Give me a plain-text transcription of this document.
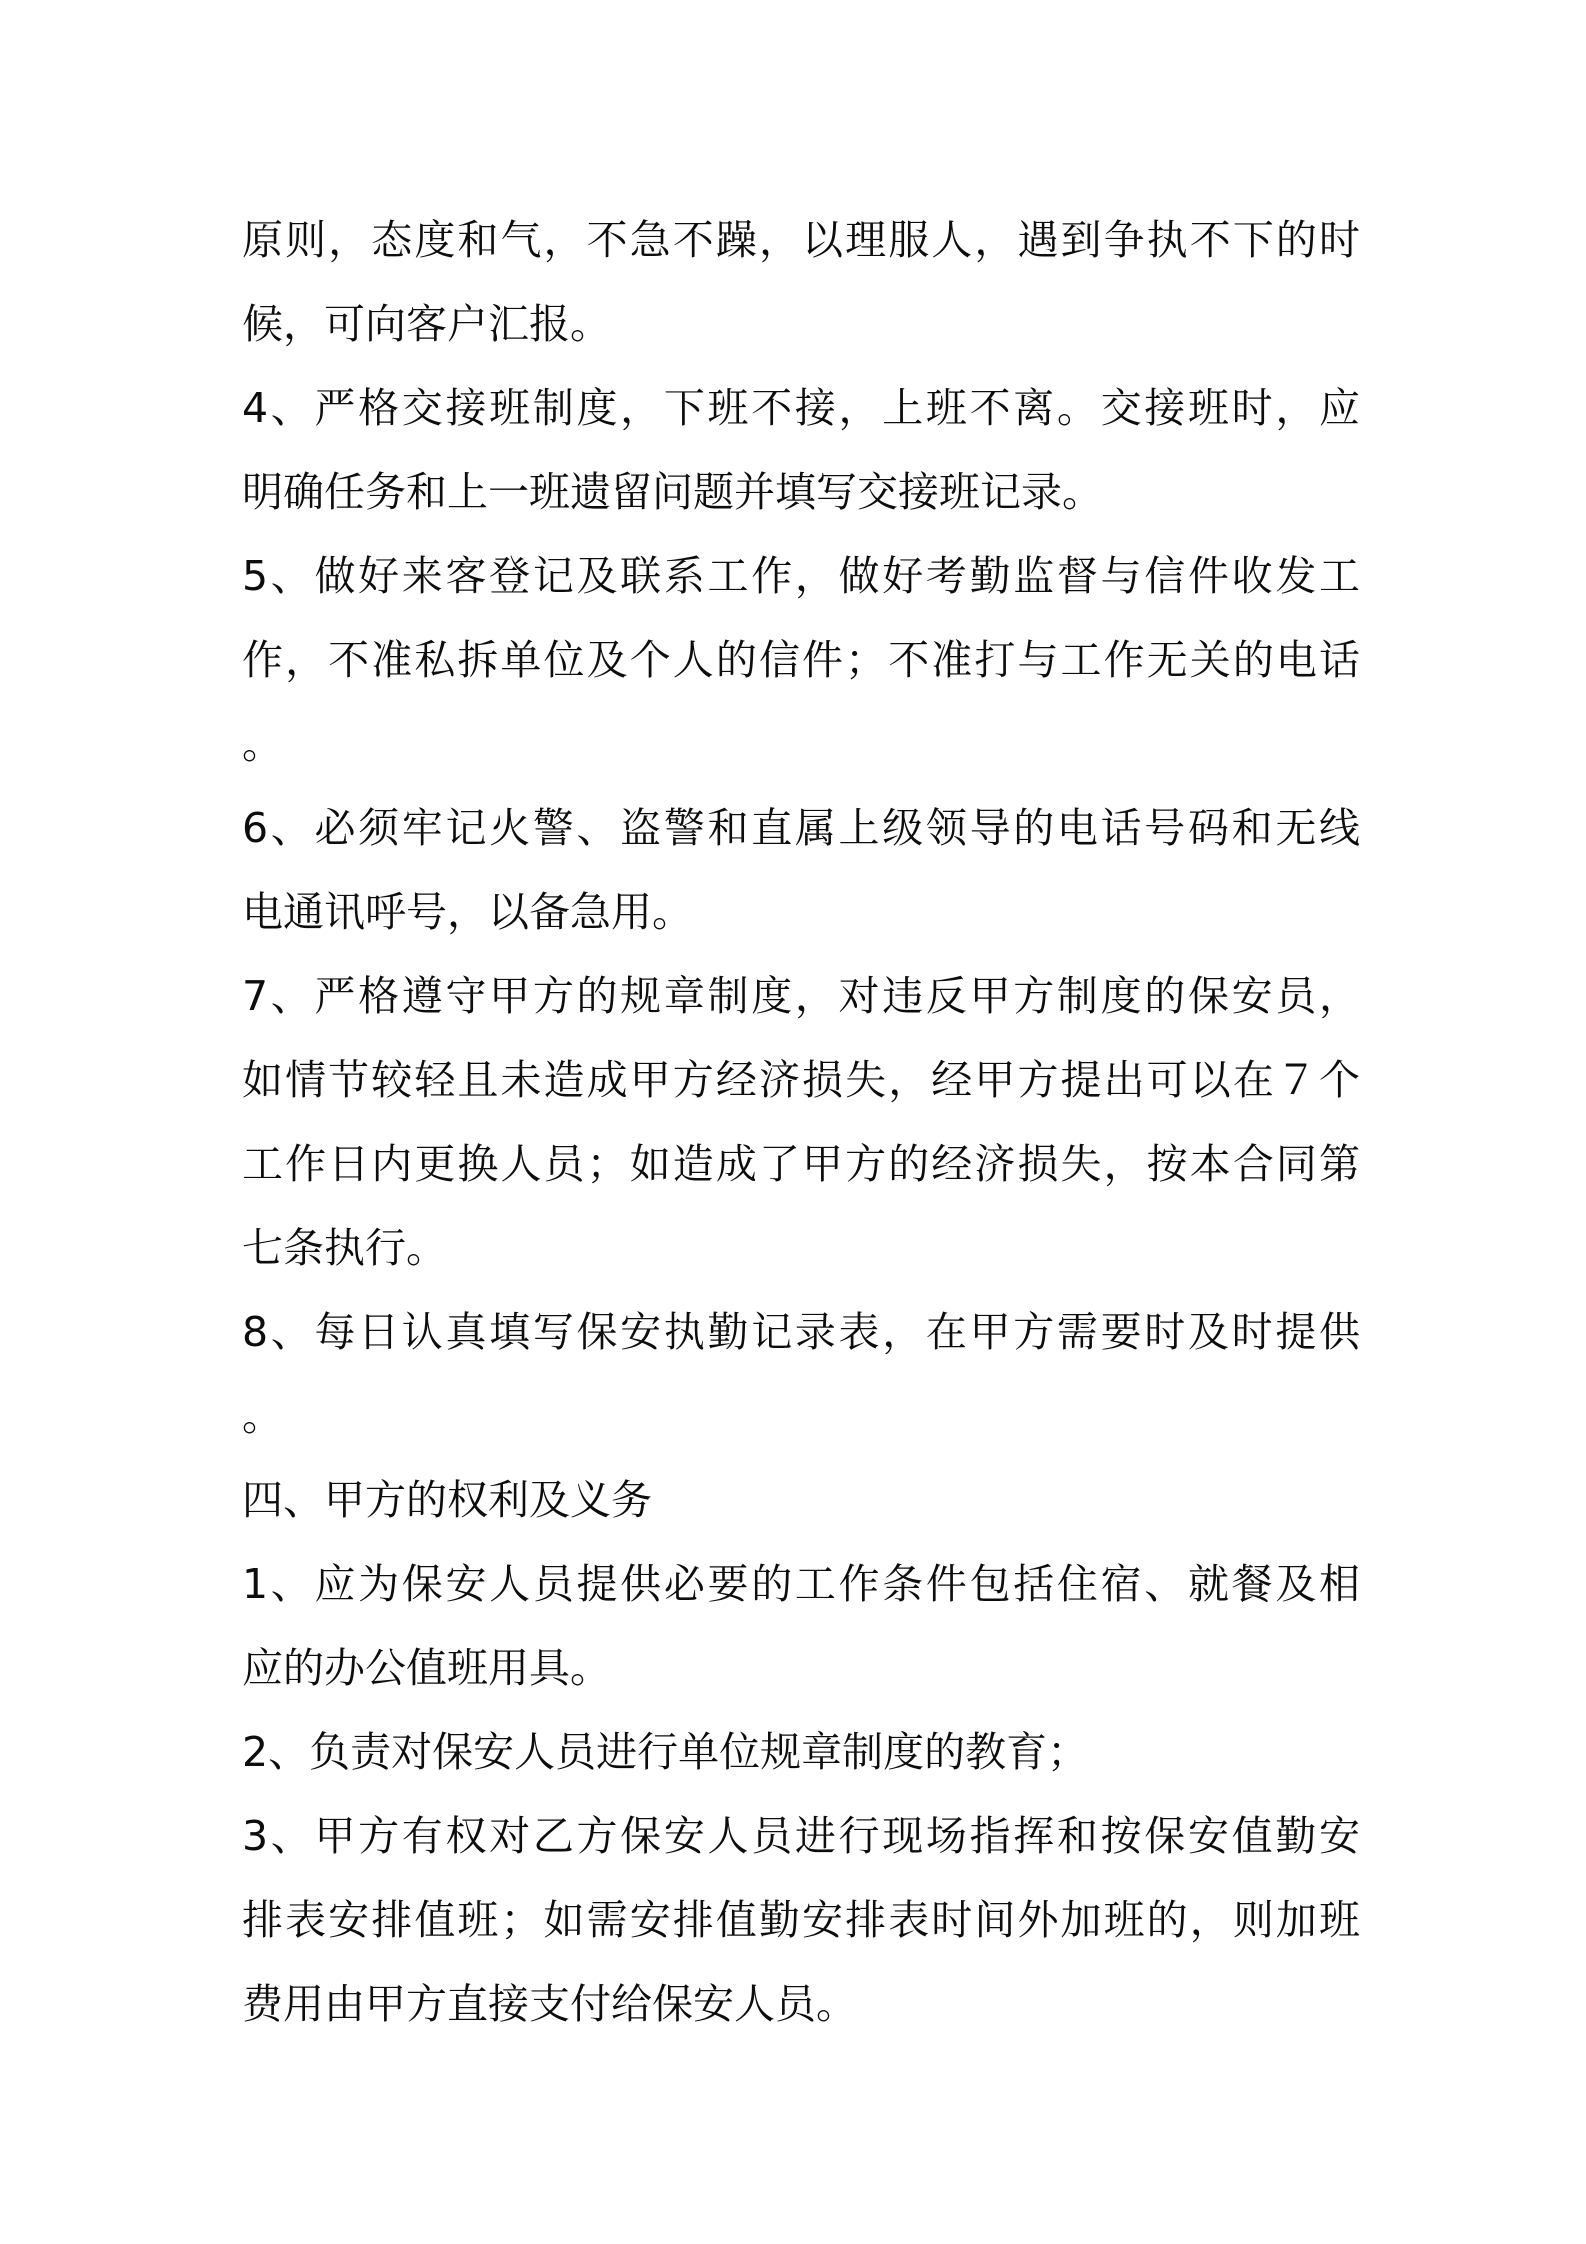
原则，态度和气，不急不躁，以理服人，遇到争执不下的时
候，可向客户汇报。
4、严格交接班制度，下班不接，上班不离。交接班时，应
明确任务和上一班遗留问题并填写交接班记录。
5、做好来客登记及联系工作，做好考勤监督与信件收发工
作，不准私拆单位及个人的信件；不准打与工作无关的电话
。
6、必须牢记火警、盗警和直属上级领导的电话号码和无线
电通讯呼号，以备急用。
7、严格遵守甲方的规章制度，对违反甲方制度的保安员，
如情节较轻且未造成甲方经济损失，经甲方提出可以在７个
工作日内更换人员；如造成了甲方的经济损失，按本合同第
七条执行。
8、每日认真填写保安执勤记录表，在甲方需要时及时提供
。
四、甲方的权利及义务
1、应为保安人员提供必要的工作条件包括住宿、就餐及相
应的办公值班用具。
2、负责对保安人员进行单位规章制度的教育；
3、甲方有权对乙方保安人员进行现场指挥和按保安值勤安
排表安排值班；如需安排值勤安排表时间外加班的，则加班
费用由甲方直接支付给保安人员。
